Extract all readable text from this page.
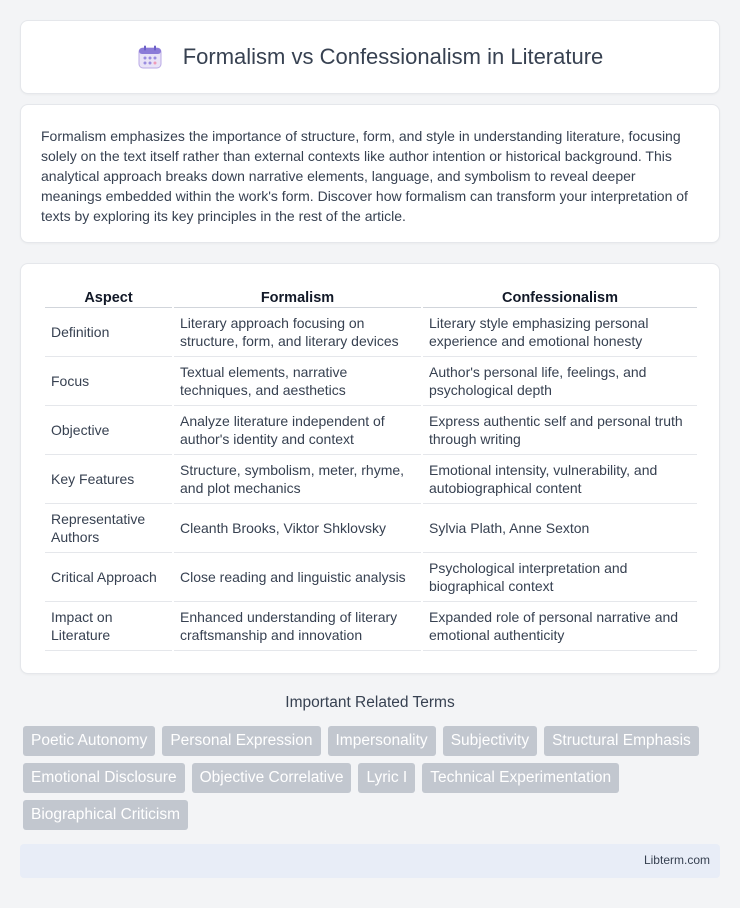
Formalism vs Confessionalism in Literature

Formalism emphasizes the importance of structure, form, and style in understanding literature, focusing solely on the text itself rather than external contexts like author intention or historical background. This analytical approach breaks down narrative elements, language, and symbolism to reveal deeper meanings embedded within the work's form. Discover how formalism can transform your interpretation of texts by exploring its key principles in the rest of the article.

Aspect	Formalism	Confessionalism
Definition	Literary approach focusing on structure, form, and literary devices	Literary style emphasizing personal experience and emotional honesty
Focus	Textual elements, narrative techniques, and aesthetics	Author's personal life, feelings, and psychological depth
Objective	Analyze literature independent of author's identity and context	Express authentic self and personal truth through writing
Key Features	Structure, symbolism, meter, rhyme, and plot mechanics	Emotional intensity, vulnerability, and autobiographical content
Representative Authors	Cleanth Brooks, Viktor Shklovsky	Sylvia Plath, Anne Sexton
Critical Approach	Close reading and linguistic analysis	Psychological interpretation and biographical context
Impact on Literature	Enhanced understanding of literary craftsmanship and innovation	Expanded role of personal narrative and emotional authenticity
Important Related Terms
Poetic Autonomy	Personal Expression	Impersonality	Subjectivity	Structural Emphasis
Emotional Disclosure	Objective Correlative	Lyric I	Technical Experimentation
Biographical Criticism
Libterm.com
